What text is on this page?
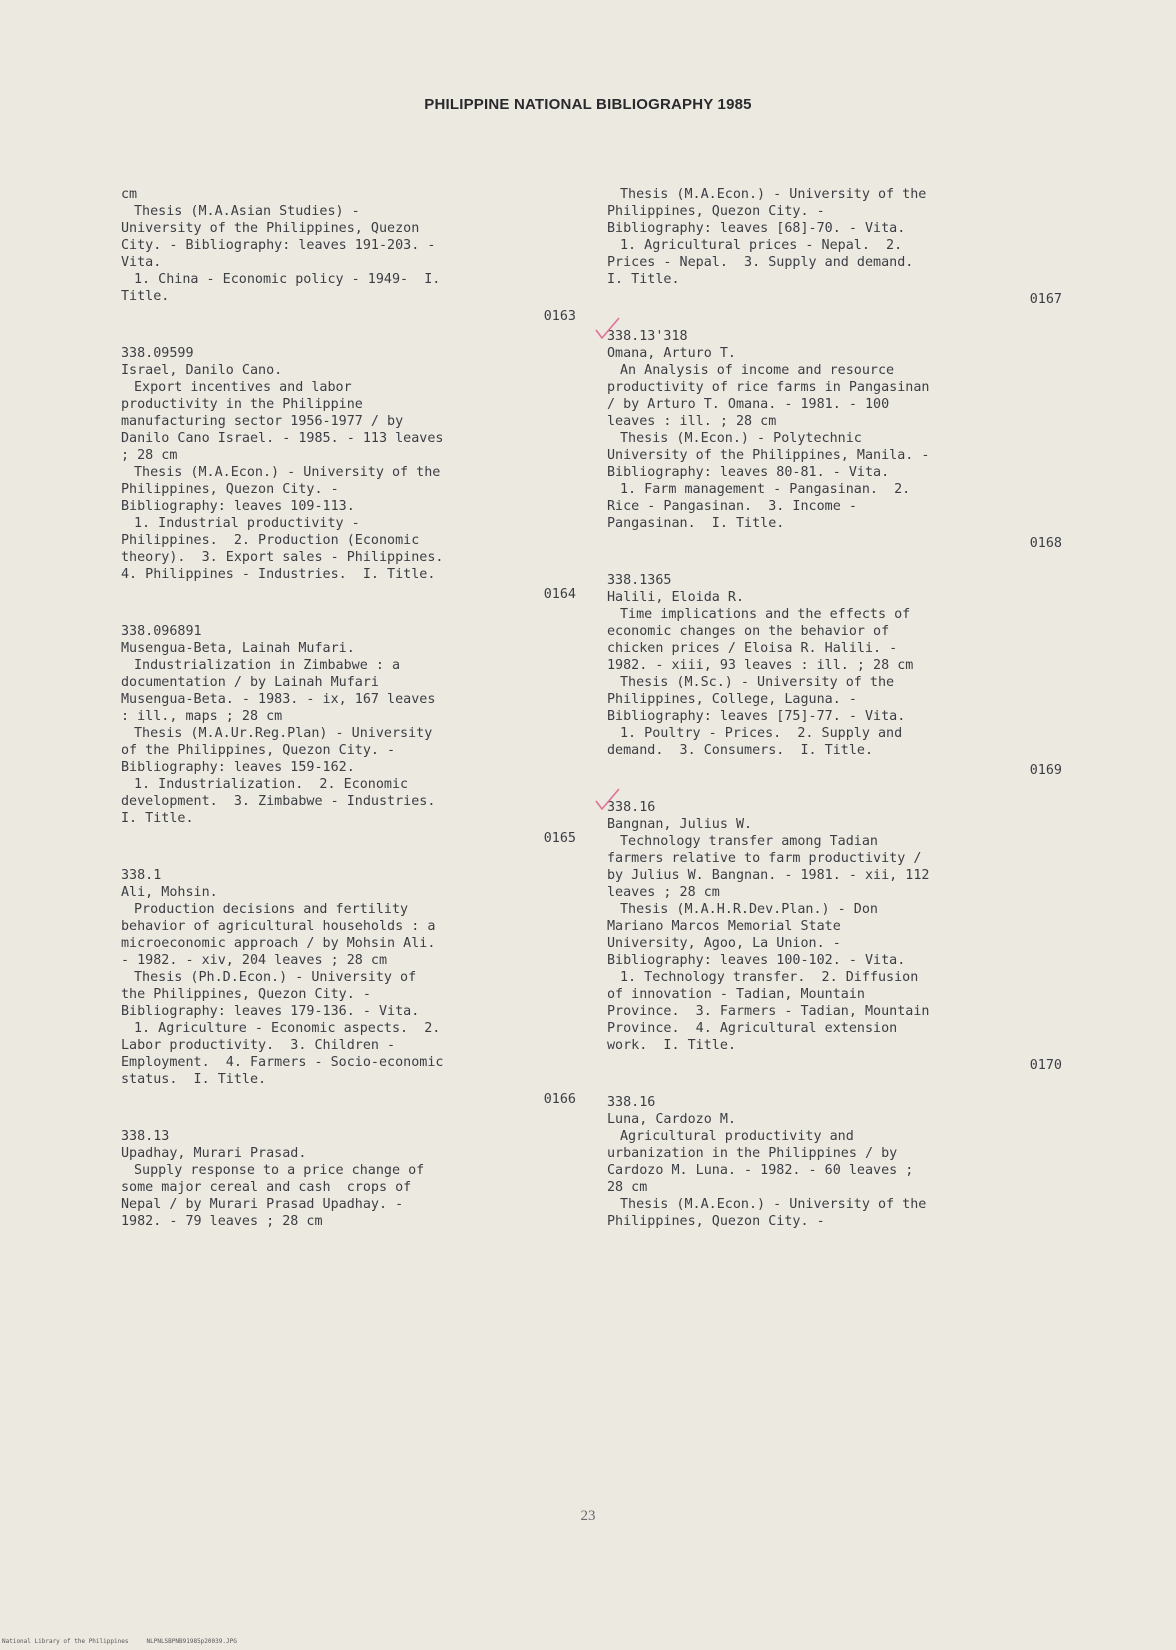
PHILIPPINE NATIONAL BIBLIOGRAPHY 1985
cm
Thesis (M.A.Asian Studies) -
University of the Philippines, Quezon
City. - Bibliography: leaves 191-203. -
Vita.
1. China - Economic policy - 1949-  I.
Title.
0163
338.09599
Israel, Danilo Cano.
Export incentives and labor
productivity in the Philippine
manufacturing sector 1956-1977 / by
Danilo Cano Israel. - 1985. - 113 leaves
; 28 cm
Thesis (M.A.Econ.) - University of the
Philippines, Quezon City. -
Bibliography: leaves 109-113.
1. Industrial productivity -
Philippines.  2. Production (Economic
theory).  3. Export sales - Philippines.
4. Philippines - Industries.  I. Title.
0164
338.096891
Musengua-Beta, Lainah Mufari.
Industrialization in Zimbabwe : a
documentation / by Lainah Mufari
Musengua-Beta. - 1983. - ix, 167 leaves
: ill., maps ; 28 cm
Thesis (M.A.Ur.Reg.Plan) - University
of the Philippines, Quezon City. -
Bibliography: leaves 159-162.
1. Industrialization.  2. Economic
development.  3. Zimbabwe - Industries.
I. Title.
0165
338.1
Ali, Mohsin.
Production decisions and fertility
behavior of agricultural households : a
microeconomic approach / by Mohsin Ali.
- 1982. - xiv, 204 leaves ; 28 cm
Thesis (Ph.D.Econ.) - University of
the Philippines, Quezon City. -
Bibliography: leaves 179-136. - Vita.
1. Agriculture - Economic aspects.  2.
Labor productivity.  3. Children -
Employment.  4. Farmers - Socio-economic
status.  I. Title.
0166
338.13
Upadhay, Murari Prasad.
Supply response to a price change of
some major cereal and cash  crops of
Nepal / by Murari Prasad Upadhay. -
1982. - 79 leaves ; 28 cm
Thesis (M.A.Econ.) - University of the
Philippines, Quezon City. -
Bibliography: leaves [68]-70. - Vita.
1. Agricultural prices - Nepal.  2.
Prices - Nepal.  3. Supply and demand.
I. Title.
0167
338.13'318
Omana, Arturo T.
An Analysis of income and resource
productivity of rice farms in Pangasinan
/ by Arturo T. Omana. - 1981. - 100
leaves : ill. ; 28 cm
Thesis (M.Econ.) - Polytechnic
University of the Philippines, Manila. -
Bibliography: leaves 80-81. - Vita.
1. Farm management - Pangasinan.  2.
Rice - Pangasinan.  3. Income -
Pangasinan.  I. Title.
0168
338.1365
Halili, Eloida R.
Time implications and the effects of
economic changes on the behavior of
chicken prices / Eloisa R. Halili. -
1982. - xiii, 93 leaves : ill. ; 28 cm
Thesis (M.Sc.) - University of the
Philippines, College, Laguna. -
Bibliography: leaves [75]-77. - Vita.
1. Poultry - Prices.  2. Supply and
demand.  3. Consumers.  I. Title.
0169
338.16
Bangnan, Julius W.
Technology transfer among Tadian
farmers relative to farm productivity /
by Julius W. Bangnan. - 1981. - xii, 112
leaves ; 28 cm
Thesis (M.A.H.R.Dev.Plan.) - Don
Mariano Marcos Memorial State
University, Agoo, La Union. -
Bibliography: leaves 100-102. - Vita.
1. Technology transfer.  2. Diffusion
of innovation - Tadian, Mountain
Province.  3. Farmers - Tadian, Mountain
Province.  4. Agricultural extension
work.  I. Title.
0170
338.16
Luna, Cardozo M.
Agricultural productivity and
urbanization in the Philippines / by
Cardozo M. Luna. - 1982. - 60 leaves ;
28 cm
Thesis (M.A.Econ.) - University of the
Philippines, Quezon City. -
23
National Library of the Philippines     NLPNLSBPNB91985p20039.JPG
